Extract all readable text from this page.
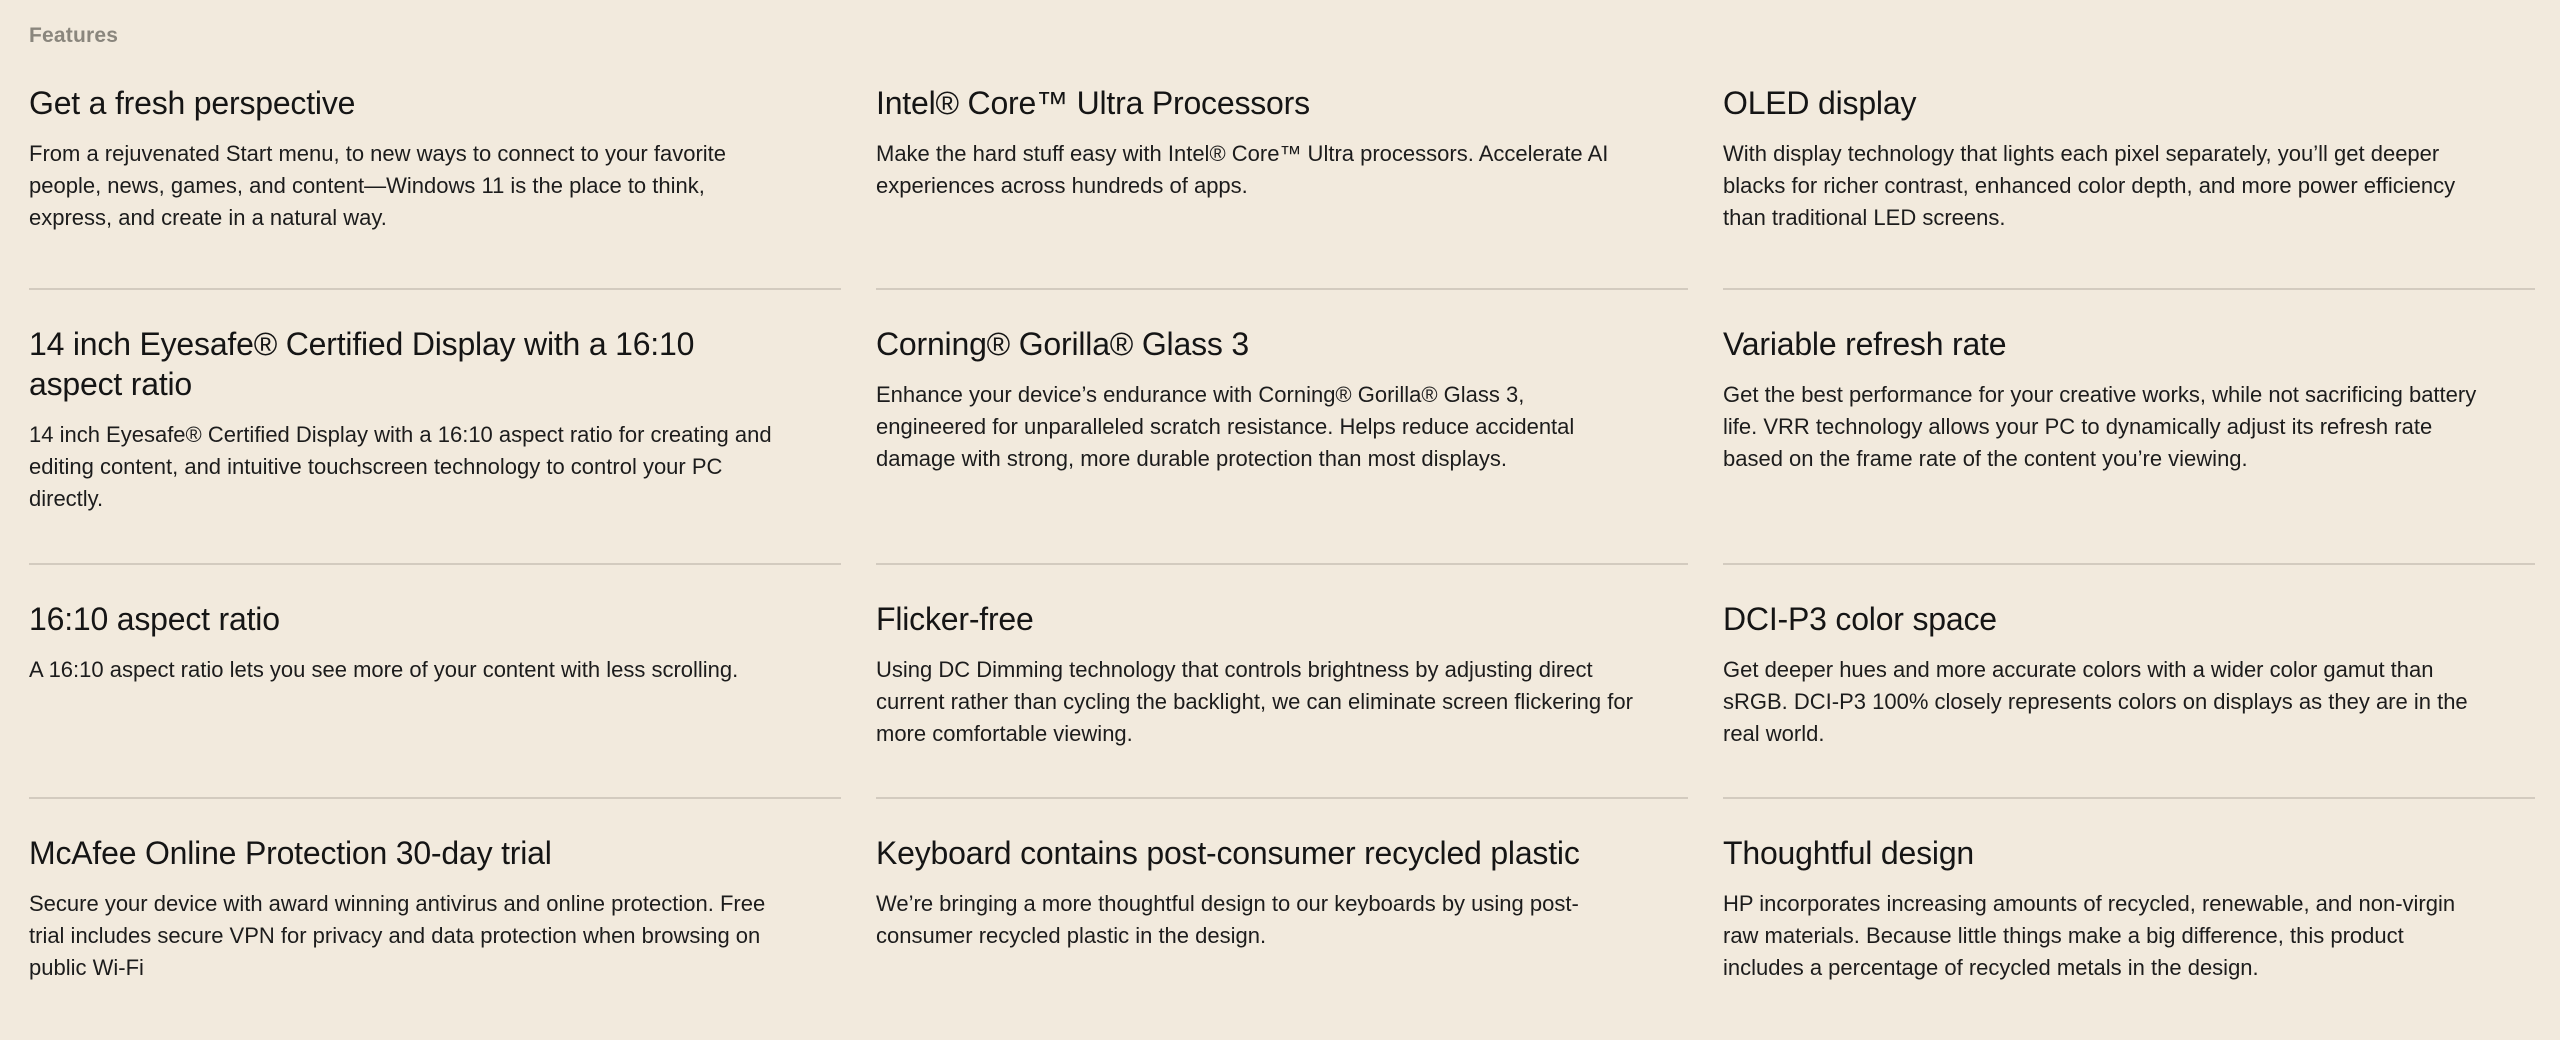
Features
Get a fresh perspective

From a rejuvenated Start menu, to new ways to connect to your favorite people, news, games, and content—Windows 11 is the place to think, express, and create in a natural way.

Intel® Core™ Ultra Processors

Make the hard stuff easy with Intel® Core™ Ultra processors. Accelerate AI experiences across hundreds of apps.

OLED display

With display technology that lights each pixel separately, you’ll get deeper blacks for richer contrast, enhanced color depth, and more power efficiency than traditional LED screens.

14 inch Eyesafe® Certified Display with a 16:10 aspect ratio

14 inch Eyesafe® Certified Display with a 16:10 aspect ratio for creating and editing content, and intuitive touchscreen technology to control your PC directly.

Corning® Gorilla® Glass 3

Enhance your device’s endurance with Corning® Gorilla® Glass 3, engineered for unparalleled scratch resistance. Helps reduce accidental damage with strong, more durable protection than most displays.

Variable refresh rate

Get the best performance for your creative works, while not sacrificing battery life. VRR technology allows your PC to dynamically adjust its refresh rate based on the frame rate of the content you’re viewing.

16:10 aspect ratio

A 16:10 aspect ratio lets you see more of your content with less scrolling.

Flicker-free

Using DC Dimming technology that controls brightness by adjusting direct current rather than cycling the backlight, we can eliminate screen flickering for more comfortable viewing.

DCI-P3 color space

Get deeper hues and more accurate colors with a wider color gamut than sRGB. DCI-P3 100% closely represents colors on displays as they are in the real world.

McAfee Online Protection 30-day trial

Secure your device with award winning antivirus and online protection. Free trial includes secure VPN for privacy and data protection when browsing on public Wi-Fi

Keyboard contains post-consumer recycled plastic

We’re bringing a more thoughtful design to our keyboards by using post-consumer recycled plastic in the design.

Thoughtful design

HP incorporates increasing amounts of recycled, renewable, and non-virgin raw materials. Because little things make a big difference, this product includes a percentage of recycled metals in the design.
